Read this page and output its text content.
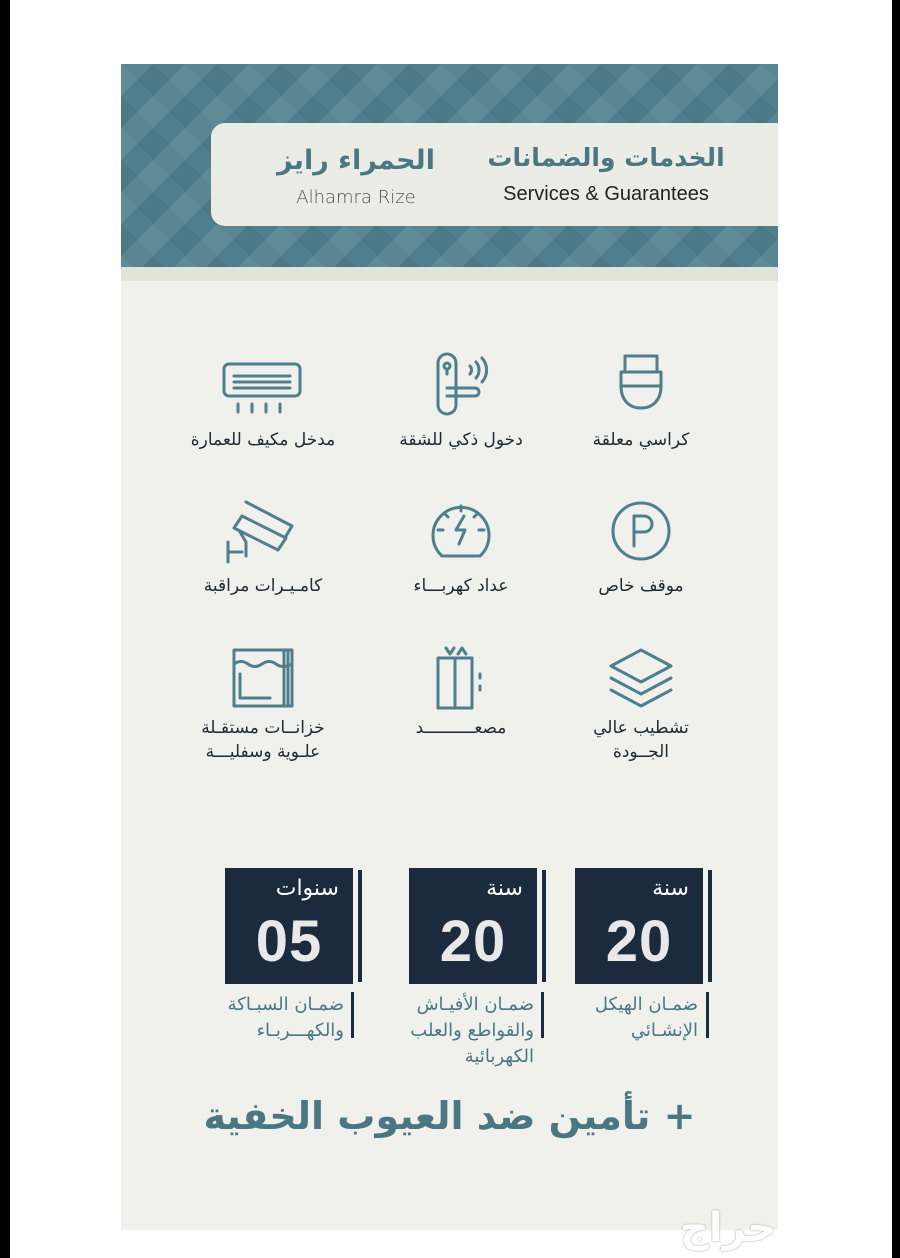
الحمراء رايز
Alhamra Rize
الخدمات والضمانات
Services & Guarantees
كراسي معلقة
دخول ذكي للشقة
مدخل مكيف للعمارة
موقف خاص
عداد كهربـــاء
كامـيـرات مراقبة
تشطيب عالي
الجــودة
مصعــــــــــد
خزانــات مستقـلة
علـوية وسفليـــة
سنة
20
ضمـان الهيكل
الإنشـائي
سنة
20
ضمـان الأفيـاش
والقواطع والعلب
الكهربائية
سنوات
05
ضمـان السبـاكة
والكهـــربـاء
+ تأمين ضد العيوب الخفية
حراج
